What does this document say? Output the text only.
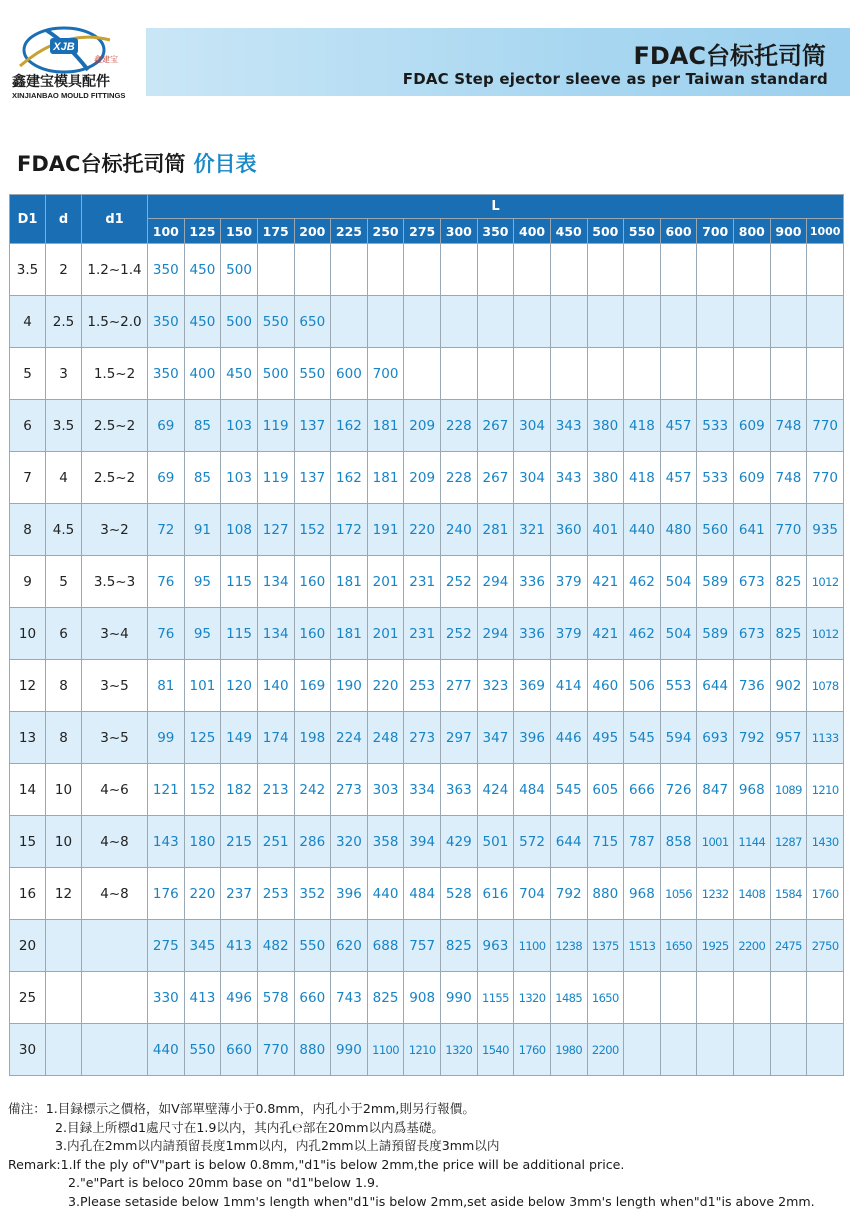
XJB
鑫建宝
鑫建宝模具配件
XINJIANBAO MOULD FITTINGS
FDAC台标托司筒
FDAC Step ejector sleeve as per Taiwan standard
FDAC台标托司筒 价目表
D1	d	d1	L																		
			100	125	150	175	200	225	250	275	300	350	400	450	500	550	600	700	800	900	1000
3.5	2	1.2~1.4	350	450	500																
4	2.5	1.5~2.0	350	450	500	550	650														
5	3	1.5~2	350	400	450	500	550	600	700												
6	3.5	2.5~2	69	85	103	119	137	162	181	209	228	267	304	343	380	418	457	533	609	748	770
7	4	2.5~2	69	85	103	119	137	162	181	209	228	267	304	343	380	418	457	533	609	748	770
8	4.5	3~2	72	91	108	127	152	172	191	220	240	281	321	360	401	440	480	560	641	770	935
9	5	3.5~3	76	95	115	134	160	181	201	231	252	294	336	379	421	462	504	589	673	825	1012
10	6	3~4	76	95	115	134	160	181	201	231	252	294	336	379	421	462	504	589	673	825	1012
12	8	3~5	81	101	120	140	169	190	220	253	277	323	369	414	460	506	553	644	736	902	1078
13	8	3~5	99	125	149	174	198	224	248	273	297	347	396	446	495	545	594	693	792	957	1133
14	10	4~6	121	152	182	213	242	273	303	334	363	424	484	545	605	666	726	847	968	1089	1210
15	10	4~8	143	180	215	251	286	320	358	394	429	501	572	644	715	787	858	1001	1144	1287	1430
16	12	4~8	176	220	237	253	352	396	440	484	528	616	704	792	880	968	1056	1232	1408	1584	1760
20			275	345	413	482	550	620	688	757	825	963	1100	1238	1375	1513	1650	1925	2200	2475	2750
25			330	413	496	578	660	743	825	908	990	1155	1320	1485	1650						
30			440	550	660	770	880	990	1100	1210	1320	1540	1760	1980	2200						
備注：1.目録標示之價格，如V部單壁薄小于0.8mm，内孔小于2mm,則另行報價。
2.目録上所標d1處尺寸在1.9以内，其内孔℮部在20mm以内爲基礎。
3.内孔在2mm以内請預留長度1mm以内，内孔2mm以上請預留長度3mm以内
Remark:1.If the ply of"V"part is below 0.8mm,"d1"is below 2mm,the price will be additional price.
2."e"Part is beloco 20mm base on "d1"below 1.9.
3.Please setaside below 1mm's length when"d1"is below 2mm,set aside below 3mm's length when"d1"is above 2mm.
